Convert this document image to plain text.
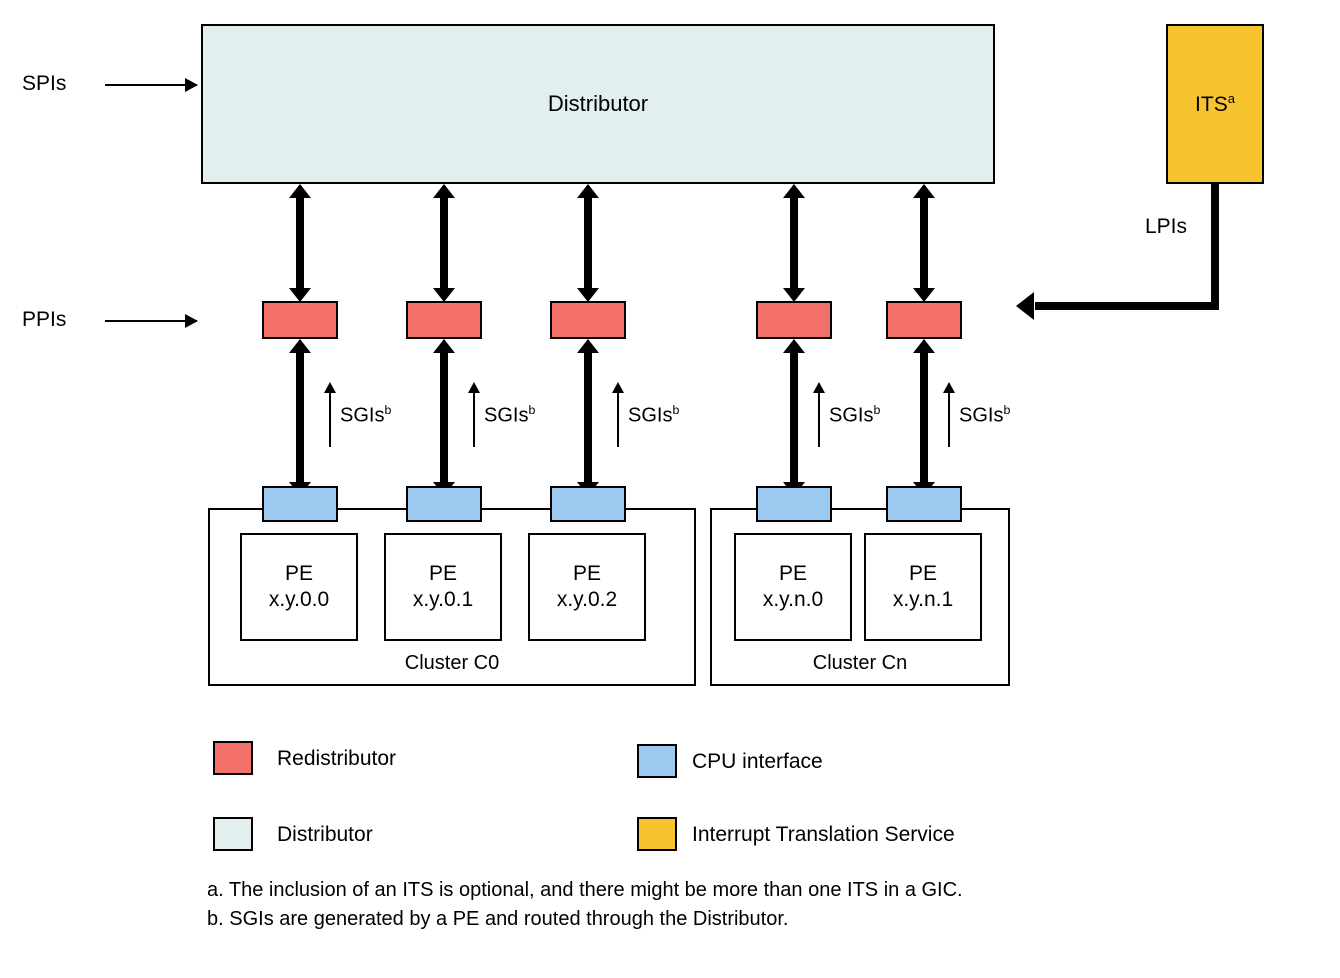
Distributor	ITS$^a$
SPIs
PPIs
LPIs
SGIs$^b$	SGIs$^b$	SGIs$^b$	SGIs$^b$	SGIs$^b$
Cluster C0
PE
x.y.0.0
PE
x.y.0.1
PE
x.y.0.2
Cluster Cn
PE
x.y.n.0
PE
x.y.n.1
Redistributor	CPU interface
Distributor	Interrupt Translation Service
a. The inclusion of an ITS is optional, and there might be more than one ITS in a GIC.
b. SGIs are generated by a PE and routed through the Distributor.
